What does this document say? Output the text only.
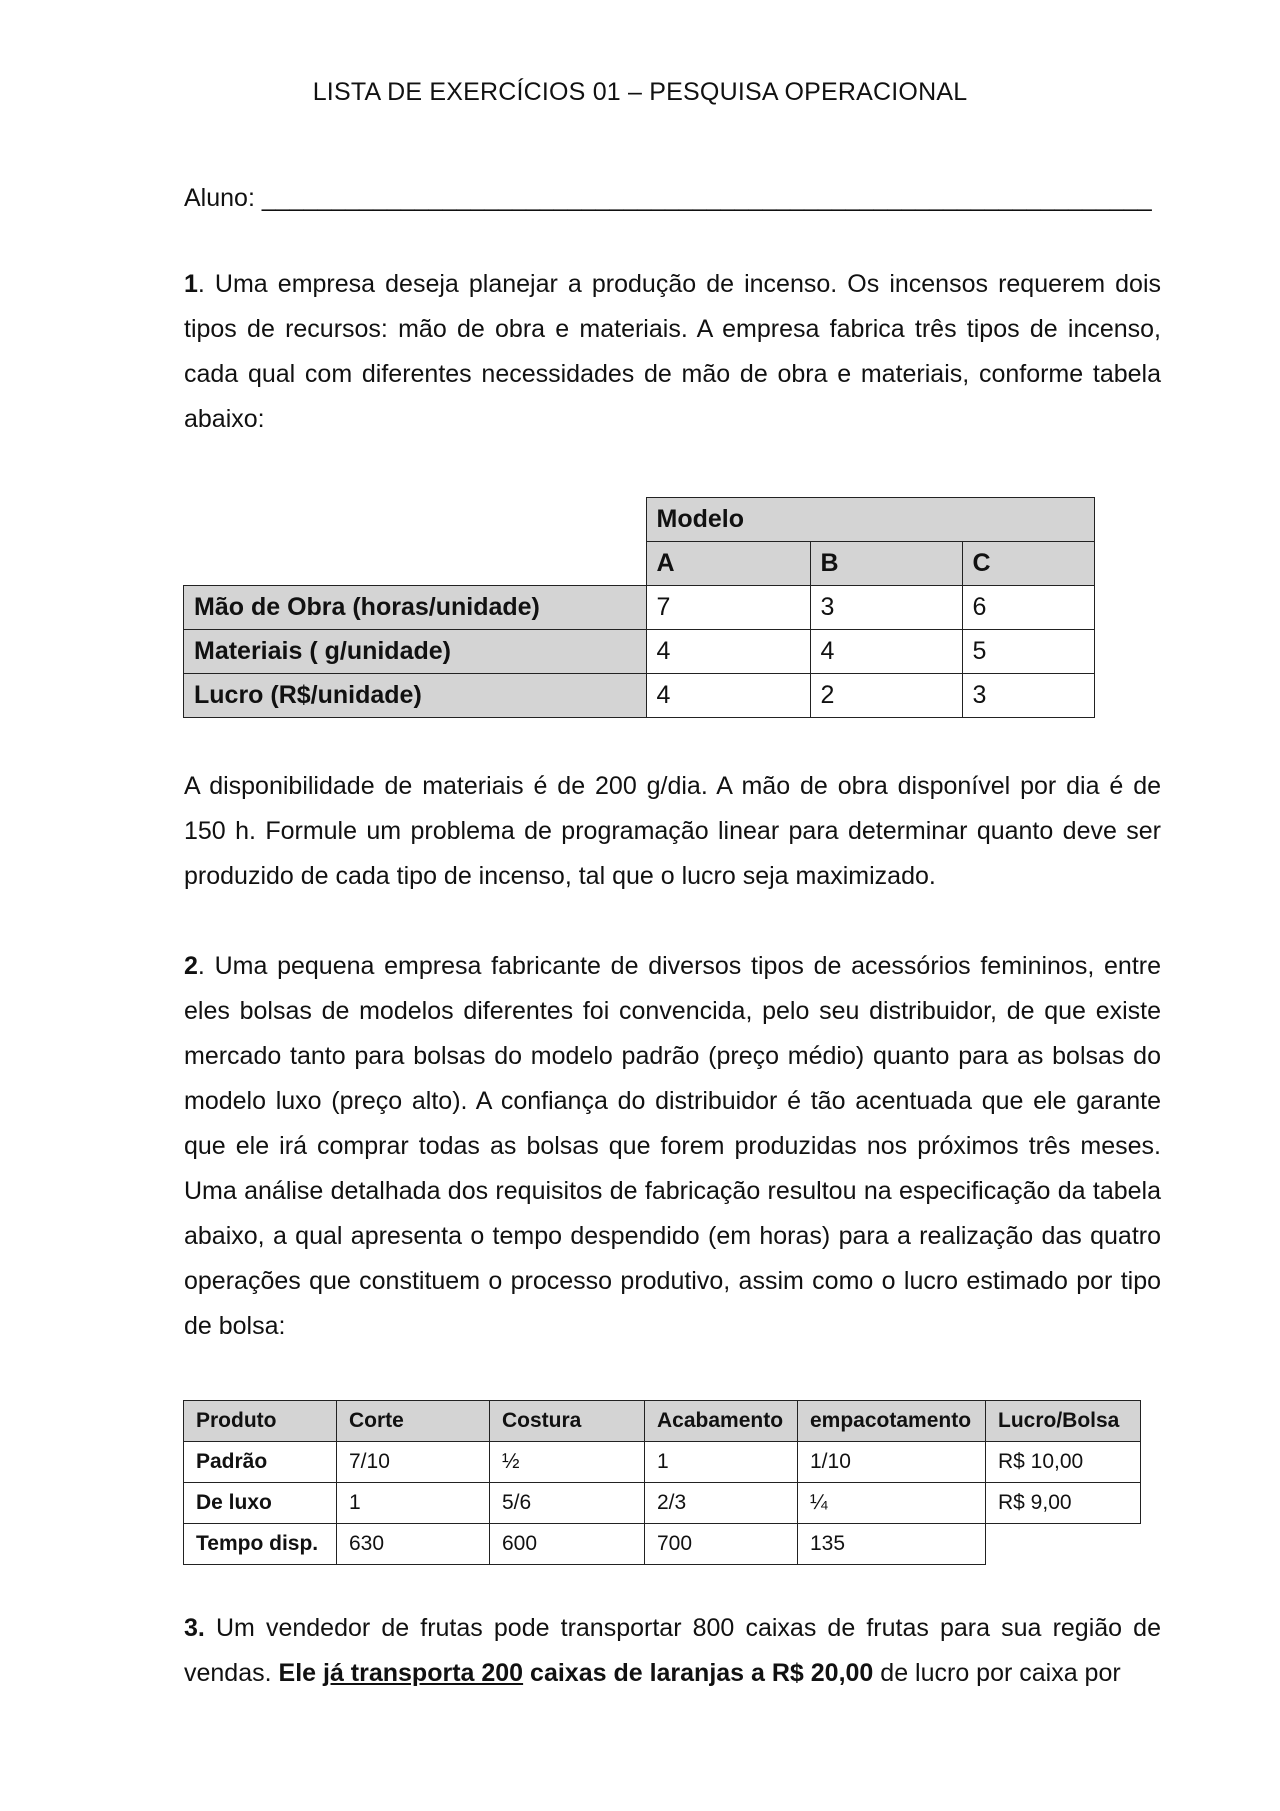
LISTA DE EXERCÍCIOS 01 – PESQUISA OPERACIONAL
Aluno: ________________________________________________________________

1. Uma empresa deseja planejar a produção de incenso. Os incensos requerem dois tipos de recursos: mão de obra e materiais. A empresa fabrica três tipos de incenso, cada qual com diferentes necessidades de mão de obra e materiais, conforme tabela abaixo:

	Modelo		
	A	B	C
Mão de Obra (horas/unidade)	7	3	6
Materiais ( g/unidade)	4	4	5
Lucro (R$/unidade)	4	2	3

A disponibilidade de materiais é de 200 g/dia. A mão de obra disponível por dia é de 150 h. Formule um problema de programação linear para determinar quanto deve ser produzido de cada tipo de incenso, tal que o lucro seja maximizado.

2. Uma pequena empresa fabricante de diversos tipos de acessórios femininos, entre eles bolsas de modelos diferentes foi convencida, pelo seu distribuidor, de que existe mercado tanto para bolsas do modelo padrão (preço médio) quanto para as bolsas do modelo luxo (preço alto). A confiança do distribuidor é tão acentuada que ele garante que ele irá comprar todas as bolsas que forem produzidas nos próximos três meses. Uma análise detalhada dos requisitos de fabricação resultou na especificação da tabela abaixo, a qual apresenta o tempo despendido (em horas) para a realização das quatro operações que constituem o processo produtivo, assim como o lucro estimado por tipo de bolsa:

Produto	Corte	Costura	Acabamento	empacotamento	Lucro/Bolsa
Padrão	7/10	½	1	1/10	R$ 10,00
De luxo	1	5/6	2/3	¼	R$ 9,00
Tempo disp.	630	600	700	135	

3. Um vendedor de frutas pode transportar 800 caixas de frutas para sua região de vendas. Ele já transporta 200 caixas de laranjas a R$ 20,00 de lucro por caixa por
